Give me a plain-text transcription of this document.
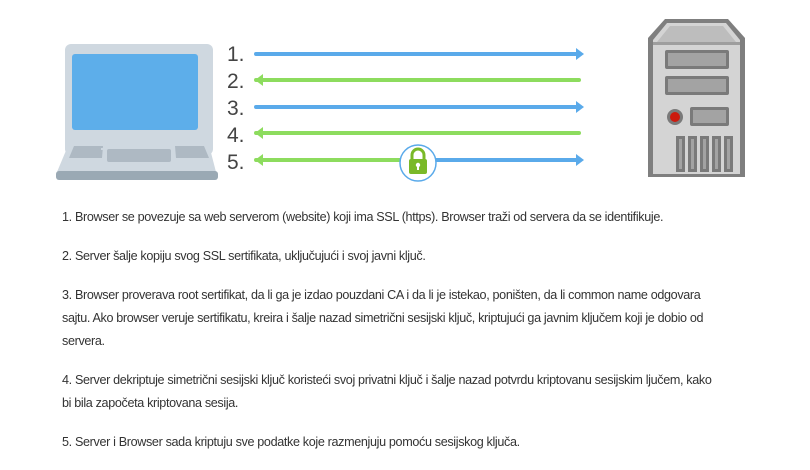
1.
2.
3.
4.
5.

1. Browser se povezuje sa web serverom (website) koji ima SSL (https). Browser traži od servera da se identifikuje.

2. Server šalje kopiju svog SSL sertifikata, uključujući i svoj javni ključ.

3. Browser proverava root sertifikat, da li ga je izdao pouzdani CA i da li je istekao, poništen, da li common name odgovara
sajtu. Ako browser veruje sertifikatu, kreira i šalje nazad simetrični sesijski ključ, kriptujući ga javnim ključem koji je dobio od
servera.

4. Server dekriptuje simetrični sesijski ključ koristeći svoj privatni ključ i šalje nazad potvrdu kriptovanu sesijskim ljučem, kako
bi bila započeta kriptovana sesija.

5. Server i Browser sada kriptuju sve podatke koje razmenjuju pomoću sesijskog ključa.
